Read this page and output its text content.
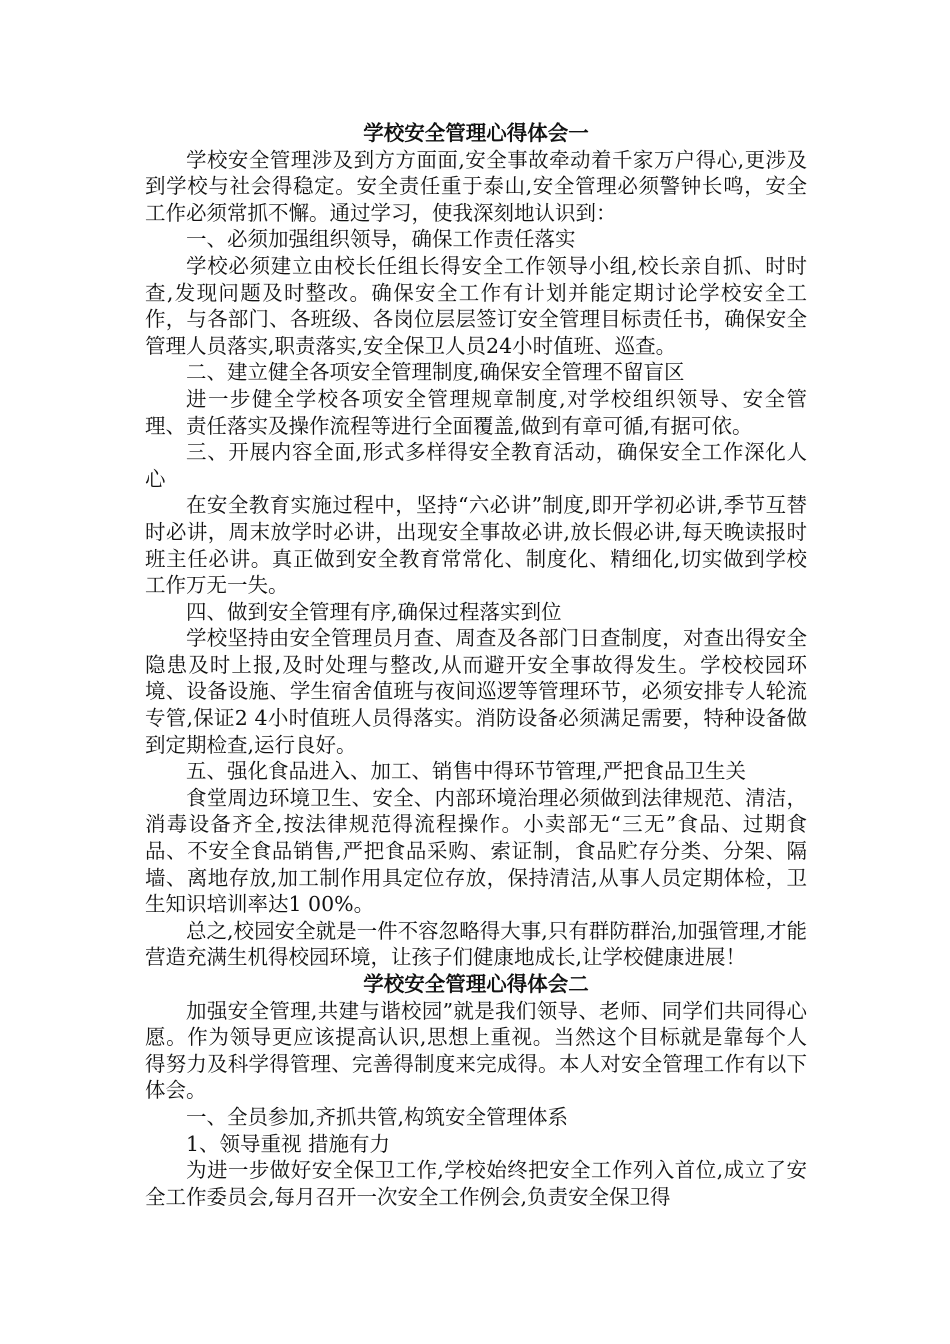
学校安全管理心得体会一

学校安全管理涉及到方方面面,安全事故牵动着千家万户得心,更涉及到学校与社会得稳定。安全责任重于泰山,安全管理必须警钟长鸣，安全工作必须常抓不懈。通过学习，使我深刻地认识到：

一、必须加强组织领导，确保工作责任落实

学校必须建立由校长任组长得安全工作领导小组,校长亲自抓、时时查,发现问题及时整改。确保安全工作有计划并能定期讨论学校安全工作，与各部门、各班级、各岗位层层签订安全管理目标责任书，确保安全管理人员落实,职责落实,安全保卫人员24小时值班、巡查。

二、建立健全各项安全管理制度,确保安全管理不留盲区

进一步健全学校各项安全管理规章制度,对学校组织领导、安全管理、责任落实及操作流程等进行全面覆盖,做到有章可循,有据可依。

三、开展内容全面,形式多样得安全教育活动，确保安全工作深化人心

在安全教育实施过程中，坚持“六必讲”制度,即开学初必讲,季节互替时必讲，周末放学时必讲，出现安全事故必讲,放长假必讲,每天晚读报时班主任必讲。真正做到安全教育常常化、制度化、精细化,切实做到学校工作万无一失。

四、做到安全管理有序,确保过程落实到位

学校坚持由安全管理员月查、周查及各部门日查制度，对查出得安全隐患及时上报,及时处理与整改,从而避开安全事故得发生。学校校园环境、设备设施、学生宿舍值班与夜间巡逻等管理环节，必须安排专人轮流专管,保证2 4小时值班人员得落实。消防设备必须满足需要，特种设备做到定期检查,运行良好。

五、强化食品进入、加工、销售中得环节管理,严把食品卫生关

食堂周边环境卫生、安全、内部环境治理必须做到法律规范、清洁，消毒设备齐全,按法律规范得流程操作。小卖部无“三无”食品、过期食品、不安全食品销售,严把食品采购、索证制，食品贮存分类、分架、隔墙、离地存放,加工制作用具定位存放，保持清洁,从事人员定期体检，卫生知识培训率达1 00%。

总之,校园安全就是一件不容忽略得大事,只有群防群治,加强管理,才能营造充满生机得校园环境，让孩子们健康地成长,让学校健康进展！

学校安全管理心得体会二

加强安全管理,共建与谐校园”就是我们领导、老师、同学们共同得心愿。作为领导更应该提高认识,思想上重视。当然这个目标就是靠每个人得努力及科学得管理、完善得制度来完成得。本人对安全管理工作有以下体会。

一、全员参加,齐抓共管,构筑安全管理体系

1、领导重视 措施有力

为进一步做好安全保卫工作,学校始终把安全工作列入首位,成立了安全工作委员会,每月召开一次安全工作例会,负责安全保卫得
